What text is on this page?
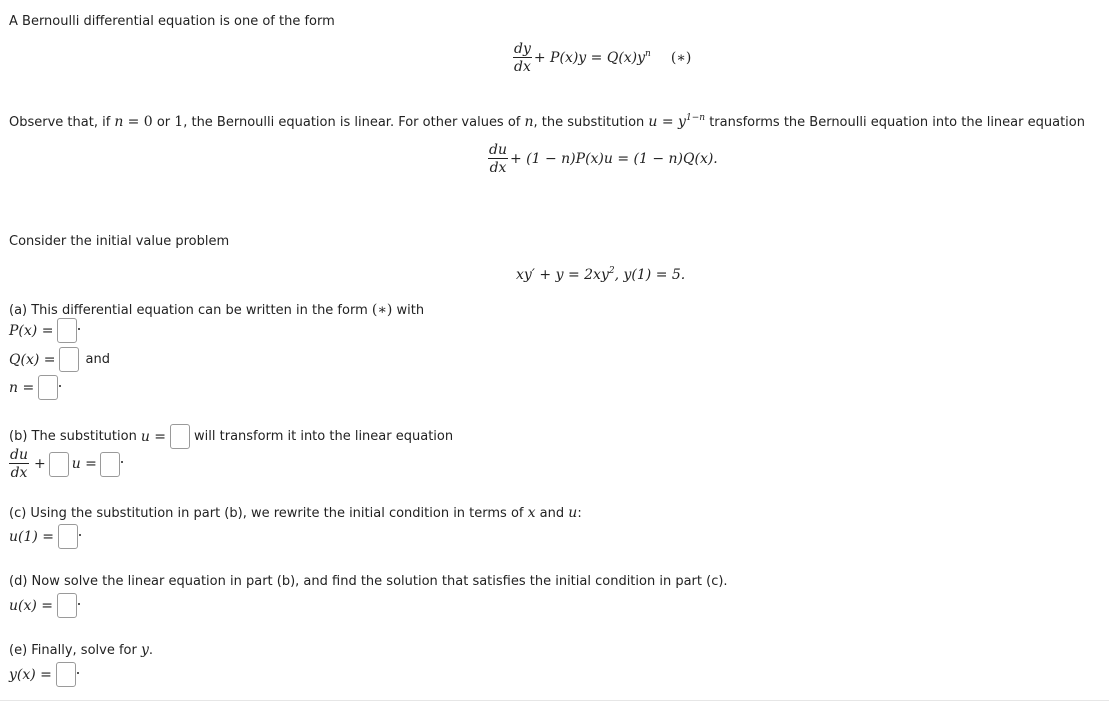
A Bernoulli differential equation is one of the form
$\frac{dy}{dx} + P(x)y = Q(x)y^n$ (∗)
Observe that, if n = 0 or 1, the Bernoulli equation is linear. For other values of n, the substitution $u = y^{1-n}$ transforms the Bernoulli equation into the linear equation
$\frac{du}{dx} + (1 - n)P(x)u = (1 - n)Q(x)$.
Consider the initial value problem
$xy' + y = 2xy^2$, y(1) = 5.
(a) This differential equation can be written in the form (∗) with
P(x) =
Q(x) = and
n =
(b) The substitution u = will transform it into the linear equation
$\frac{du}{dx} + u$ =
(c) Using the substitution in part (b), we rewrite the initial condition in terms of x and u:
u(1) =
(d) Now solve the linear equation in part (b), and find the solution that satisfies the initial condition in part (c).
u(x) =
(e) Finally, solve for y.
y(x) =
